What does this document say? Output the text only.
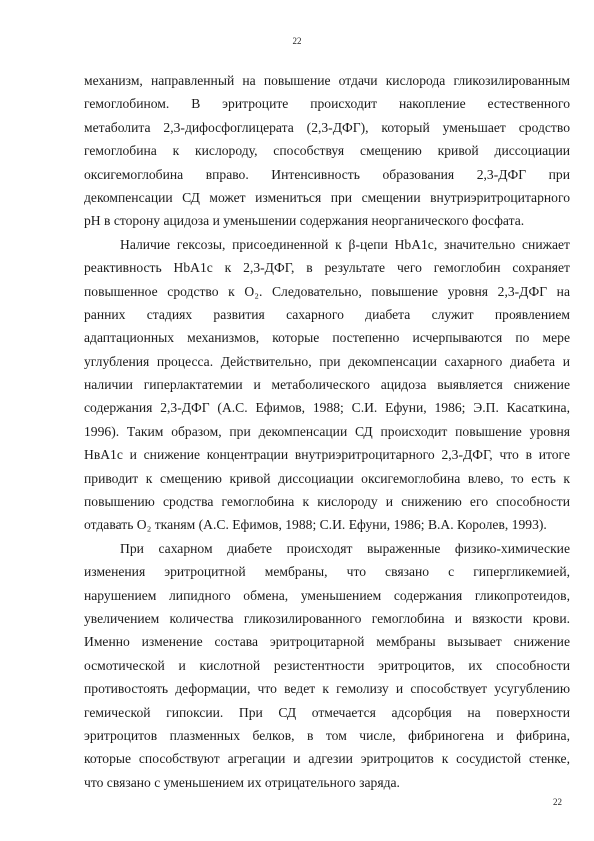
22
механизм, направленный на повышение отдачи кислорода гликозилированным
гемоглобином. В эритроците происходит накопление естественного
метаболита 2,3-дифосфоглицерата (2,3-ДФГ), который уменьшает сродство
гемоглобина к кислороду, способствуя смещению кривой диссоциации
оксигемоглобина вправо. Интенсивность образования 2,3-ДФГ при
декомпенсации СД может измениться при смещении внутриэритроцитарного
pH в сторону ацидоза и уменьшении содержания неорганического фосфата.
Наличие гексозы, присоединенной к β-цепи HbA1c, значительно снижает
реактивность HbA1c к 2,3-ДФГ, в результате чего гемоглобин сохраняет
повышенное сродство к O₂. Следовательно, повышение уровня 2,3-ДФГ на
ранних стадиях развития сахарного диабета служит проявлением
адаптационных механизмов, которые постепенно исчерпываются по мере
углубления процесса. Действительно, при декомпенсации сахарного диабета и
наличии гиперлактатемии и метаболического ацидоза выявляется снижение
содержания 2,3-ДФГ (А.С. Ефимов, 1988; С.И. Ефуни, 1986; Э.П. Касаткина,
1996). Таким образом, при декомпенсации СД происходит повышение уровня
HвA1c и снижение концентрации внутриэритроцитарного 2,3-ДФГ, что в итоге
приводит к смещению кривой диссоциации оксигемоглобина влево, то есть к
повышению сродства гемоглобина к кислороду и снижению его способности
отдавать O₂ тканям (А.С. Ефимов, 1988; С.И. Ефуни, 1986; В.А. Королев, 1993).
При сахарном диабете происходят выраженные физико-химические
изменения эритроцитной мембраны, что связано с гипергликемией,
нарушением липидного обмена, уменьшением содержания гликопротеидов,
увеличением количества гликозилированного гемоглобина и вязкости крови.
Именно изменение состава эритроцитарной мембраны вызывает снижение
осмотической и кислотной резистентности эритроцитов, их способности
противостоять деформации, что ведет к гемолизу и способствует усугублению
гемической гипоксии. При СД отмечается адсорбция на поверхности
эритроцитов плазменных белков, в том числе, фибриногена и фибрина,
которые способствуют агрегации и адгезии эритроцитов к сосудистой стенке,
что связано с уменьшением их отрицательного заряда.
22
